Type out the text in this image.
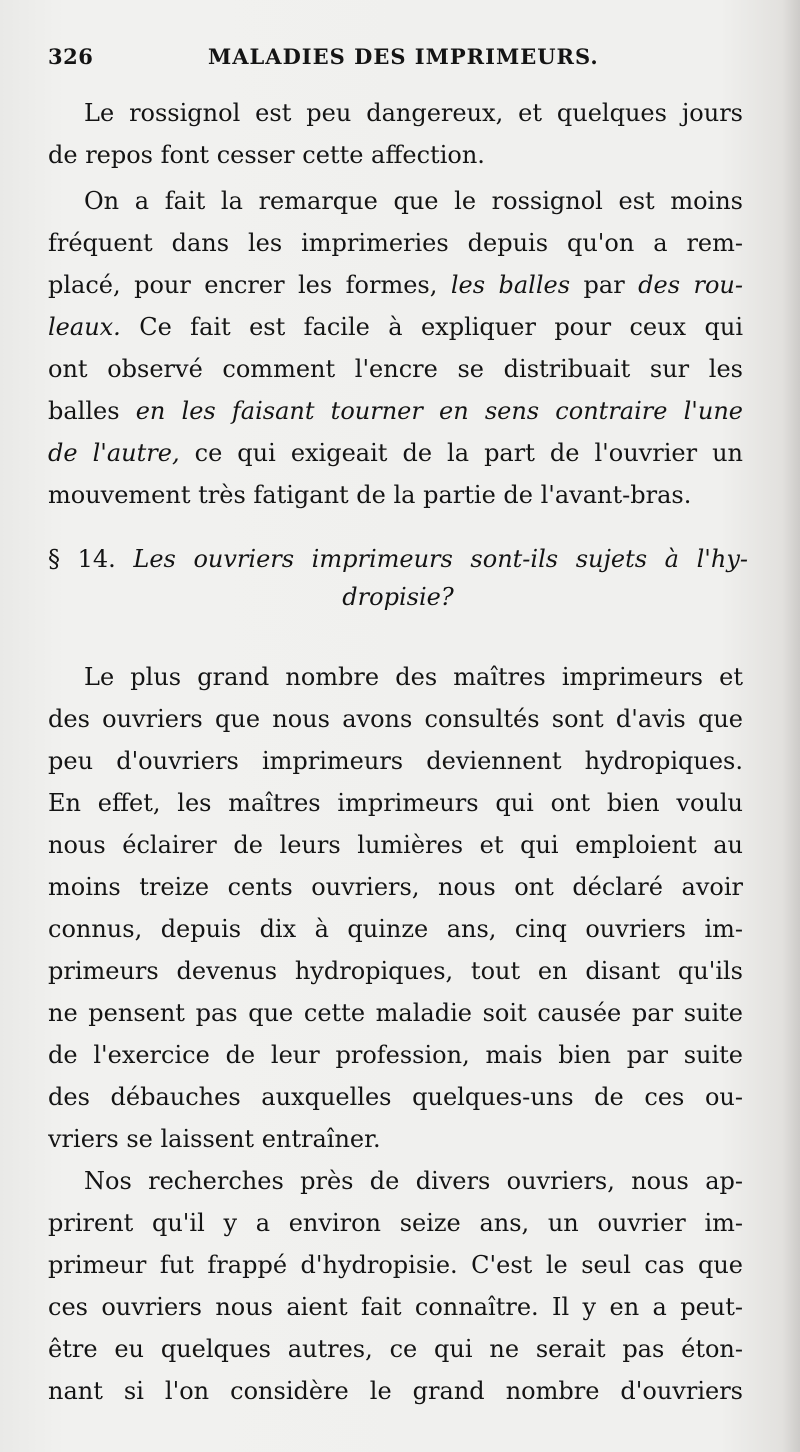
326	MALADIES DES IMPRIMEURS.
Le rossignol est peu dangereux, et quelques jours
de repos font cesser cette affection.
On a fait la remarque que le rossignol est moins
fréquent dans les imprimeries depuis qu'on a rem-
placé, pour encrer les formes, les balles par des rou-
leaux. Ce fait est facile à expliquer pour ceux qui
ont observé comment l'encre se distribuait sur les
balles en les faisant tourner en sens contraire l'une
de l'autre, ce qui exigeait de la part de l'ouvrier un
mouvement très fatigant de la partie de l'avant-bras.
§ 14. Les ouvriers imprimeurs sont-ils sujets à l'hy-
dropisie?
Le plus grand nombre des maîtres imprimeurs et
des ouvriers que nous avons consultés sont d'avis que
peu d'ouvriers imprimeurs deviennent hydropiques.
En effet, les maîtres imprimeurs qui ont bien voulu
nous éclairer de leurs lumières et qui emploient au
moins treize cents ouvriers, nous ont déclaré avoir
connus, depuis dix à quinze ans, cinq ouvriers im-
primeurs devenus hydropiques, tout en disant qu'ils
ne pensent pas que cette maladie soit causée par suite
de l'exercice de leur profession, mais bien par suite
des débauches auxquelles quelques-uns de ces ou-
vriers se laissent entraîner.
Nos recherches près de divers ouvriers, nous ap-
prirent qu'il y a environ seize ans, un ouvrier im-
primeur fut frappé d'hydropisie. C'est le seul cas que
ces ouvriers nous aient fait connaître. Il y en a peut-
être eu quelques autres, ce qui ne serait pas éton-
nant si l'on considère le grand nombre d'ouvriers
